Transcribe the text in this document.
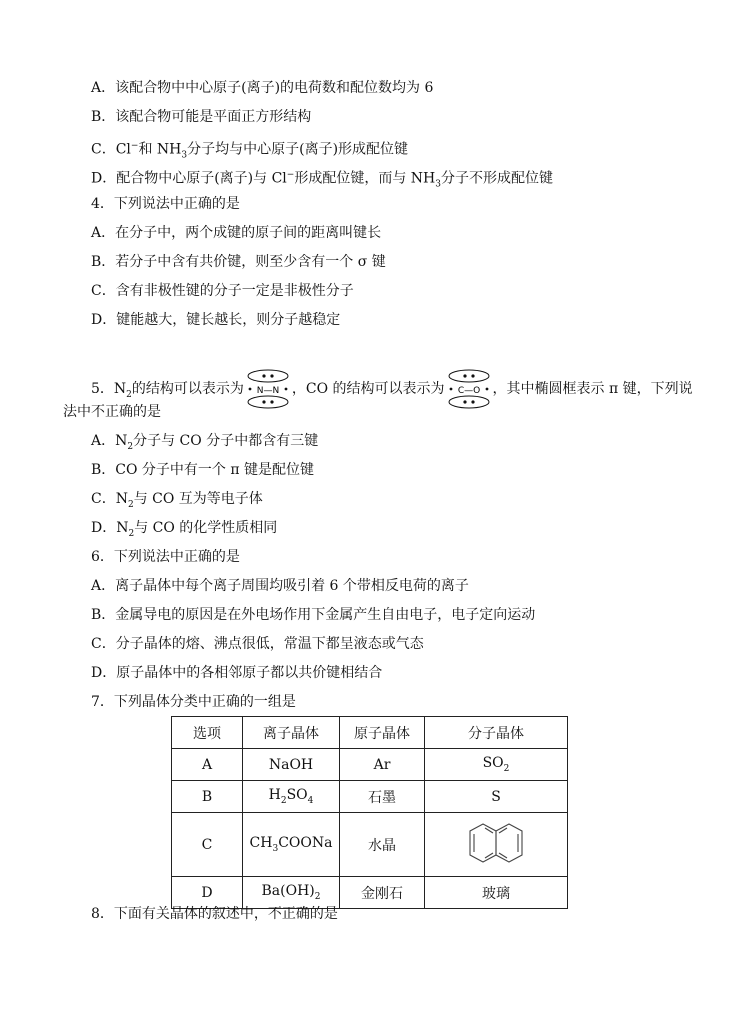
A．该配合物中中心原子(离子)的电荷数和配位数均为 6
B．该配合物可能是平面正方形结构
C．Cl−和 $NH_3$分子均与中心原子(离子)形成配位键
D．配合物中心原子(离子)与 Cl−形成配位键，而与 $NH_3$分子不形成配位键
4．下列说法中正确的是
A．在分子中，两个成键的原子间的距离叫键长
B．若分子中含有共价键，则至少含有一个 σ 键
C．含有非极性键的分子一定是非极性分子
D．键能越大，键长越长，则分子越稳定
5．$N_2$的结构可以表示为 N—N ，CO 的结构可以表示为 C—O ，其中椭圆框表示 π 键，下列说
法中不正确的是
A．$N_2$分子与 CO 分子中都含有三键
B．CO 分子中有一个 π 键是配位键
C．$N_2$与 CO 互为等电子体
D．$N_2$与 CO 的化学性质相同
6．下列说法中正确的是
A．离子晶体中每个离子周围均吸引着 6 个带相反电荷的离子
B．金属导电的原因是在外电场作用下金属产生自由电子，电子定向运动
C．分子晶体的熔、沸点很低，常温下都呈液态或气态
D．原子晶体中的各相邻原子都以共价键相结合
7．下列晶体分类中正确的一组是
选项	离子晶体	原子晶体	分子晶体
A	NaOH	Ar	$SO_2$
B	$H_2SO_4$	石墨	S
C	$CH_3COONa$	水晶	
D	$Ba(OH)_2$	金刚石	玻璃
8．下面有关晶体的叙述中，不正确的是
